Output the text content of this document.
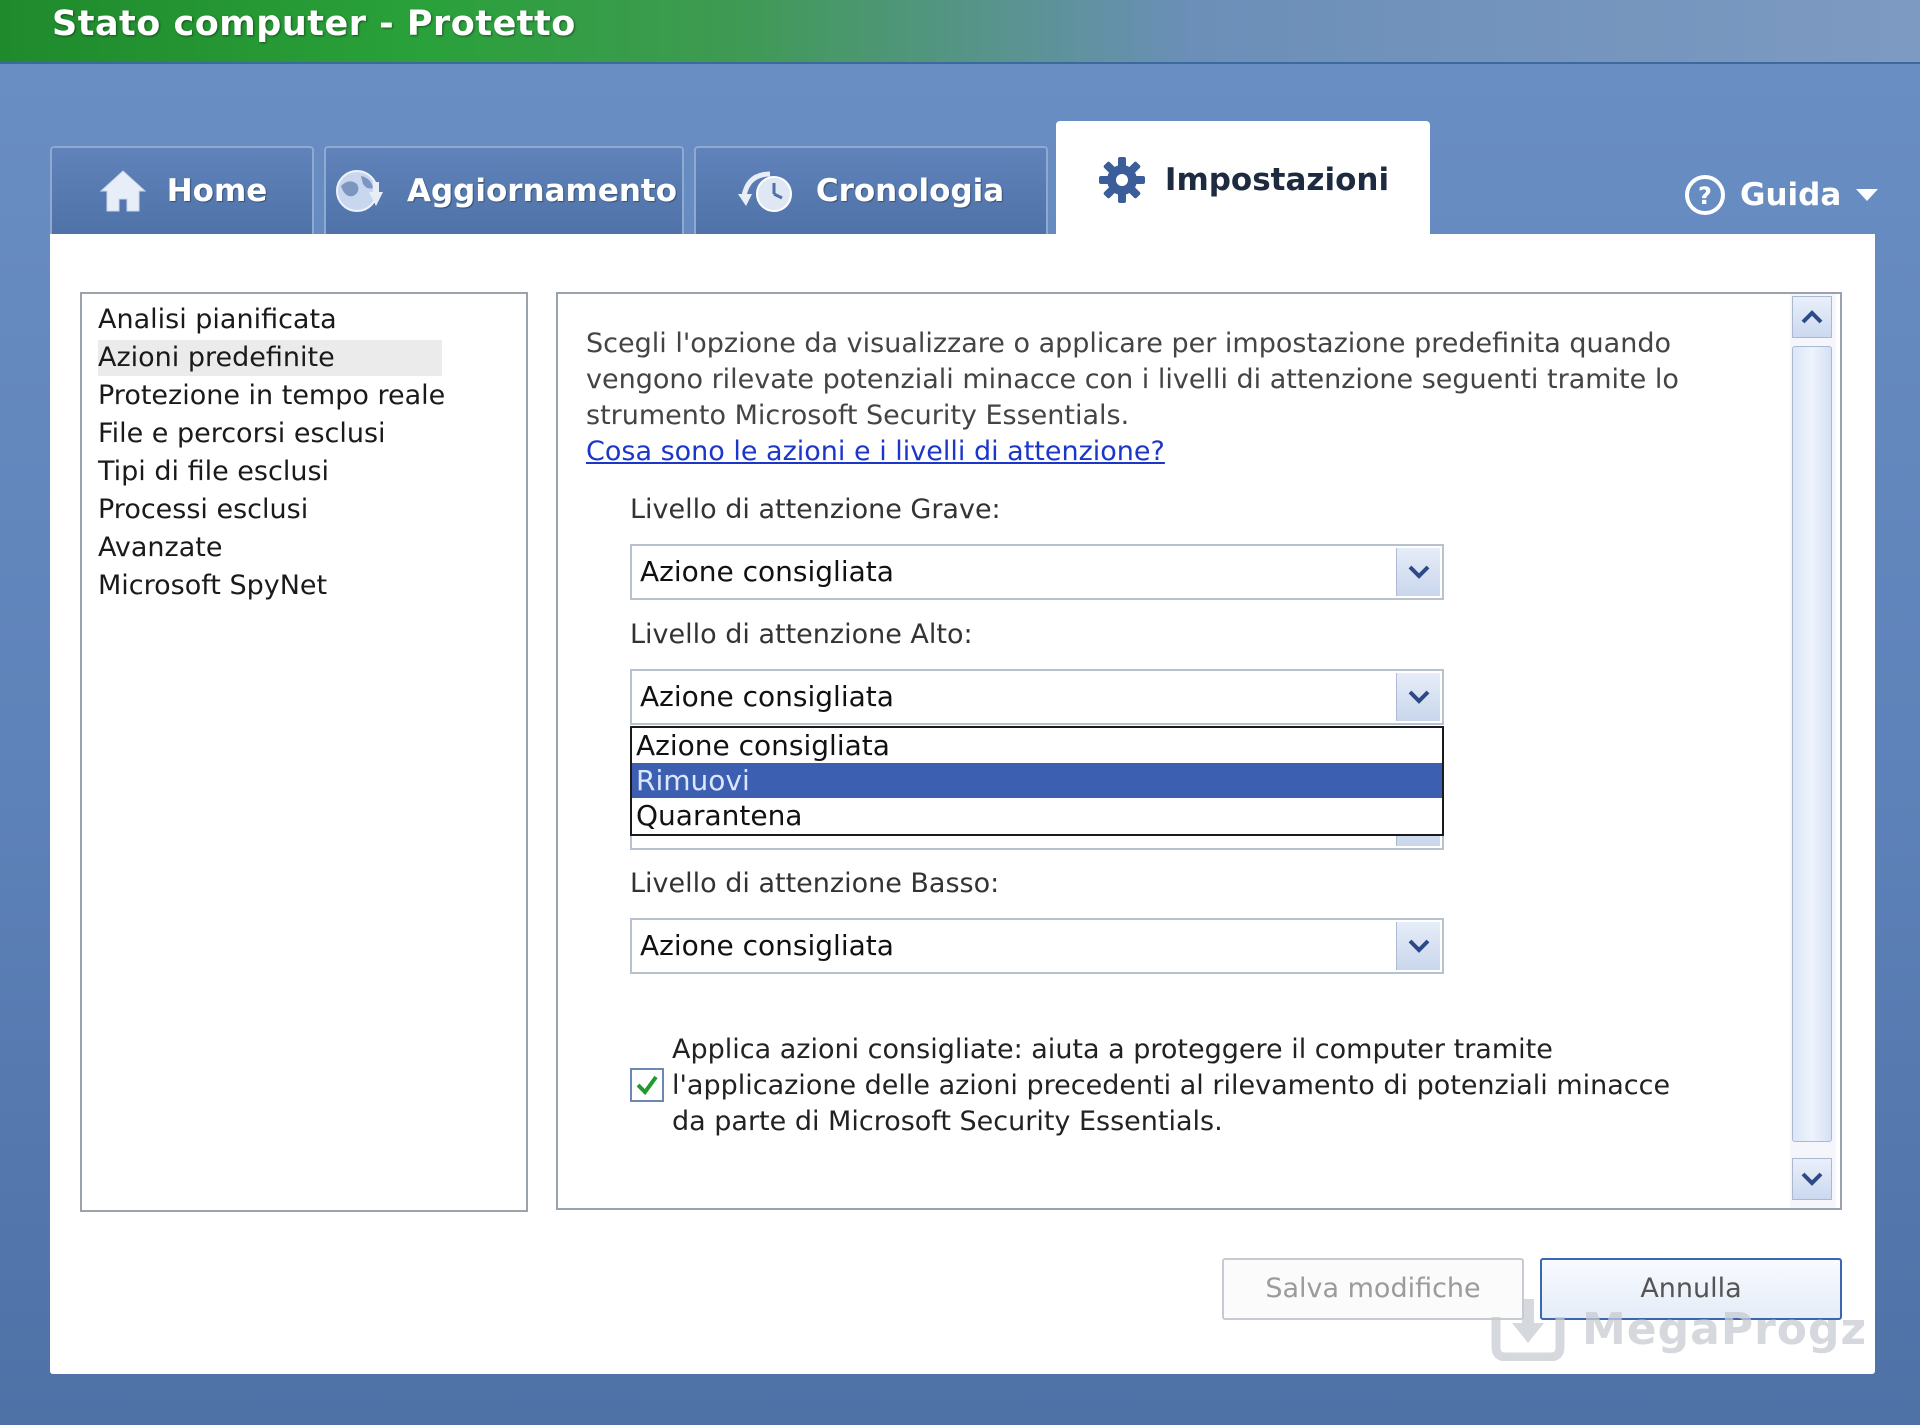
Stato computer - Protetto
Home	Aggiornamento	Cronologia	Impostazioni	? Guida
Analisi pianificata
Azioni predefinite
Protezione in tempo reale
File e percorsi esclusi
Tipi di file esclusi
Processi esclusi
Avanzate
Microsoft SpyNet
Scegli l'opzione da visualizzare o applicare per impostazione predefinita quando vengono rilevate potenziali minacce con i livelli di attenzione seguenti tramite lo strumento Microsoft Security Essentials.
Cosa sono le azioni e i livelli di attenzione?
Livello di attenzione Grave:
Azione consigliata
Livello di attenzione Alto:
Azione consigliata
Azione consigliata
Rimuovi
Quarantena
Livello di attenzione Basso:
Azione consigliata
Applica azioni consigliate: aiuta a proteggere il computer tramite l'applicazione delle azioni precedenti al rilevamento di potenziali minacce da parte di Microsoft Security Essentials.
Salva modifiche	Annulla
MegaProgz
